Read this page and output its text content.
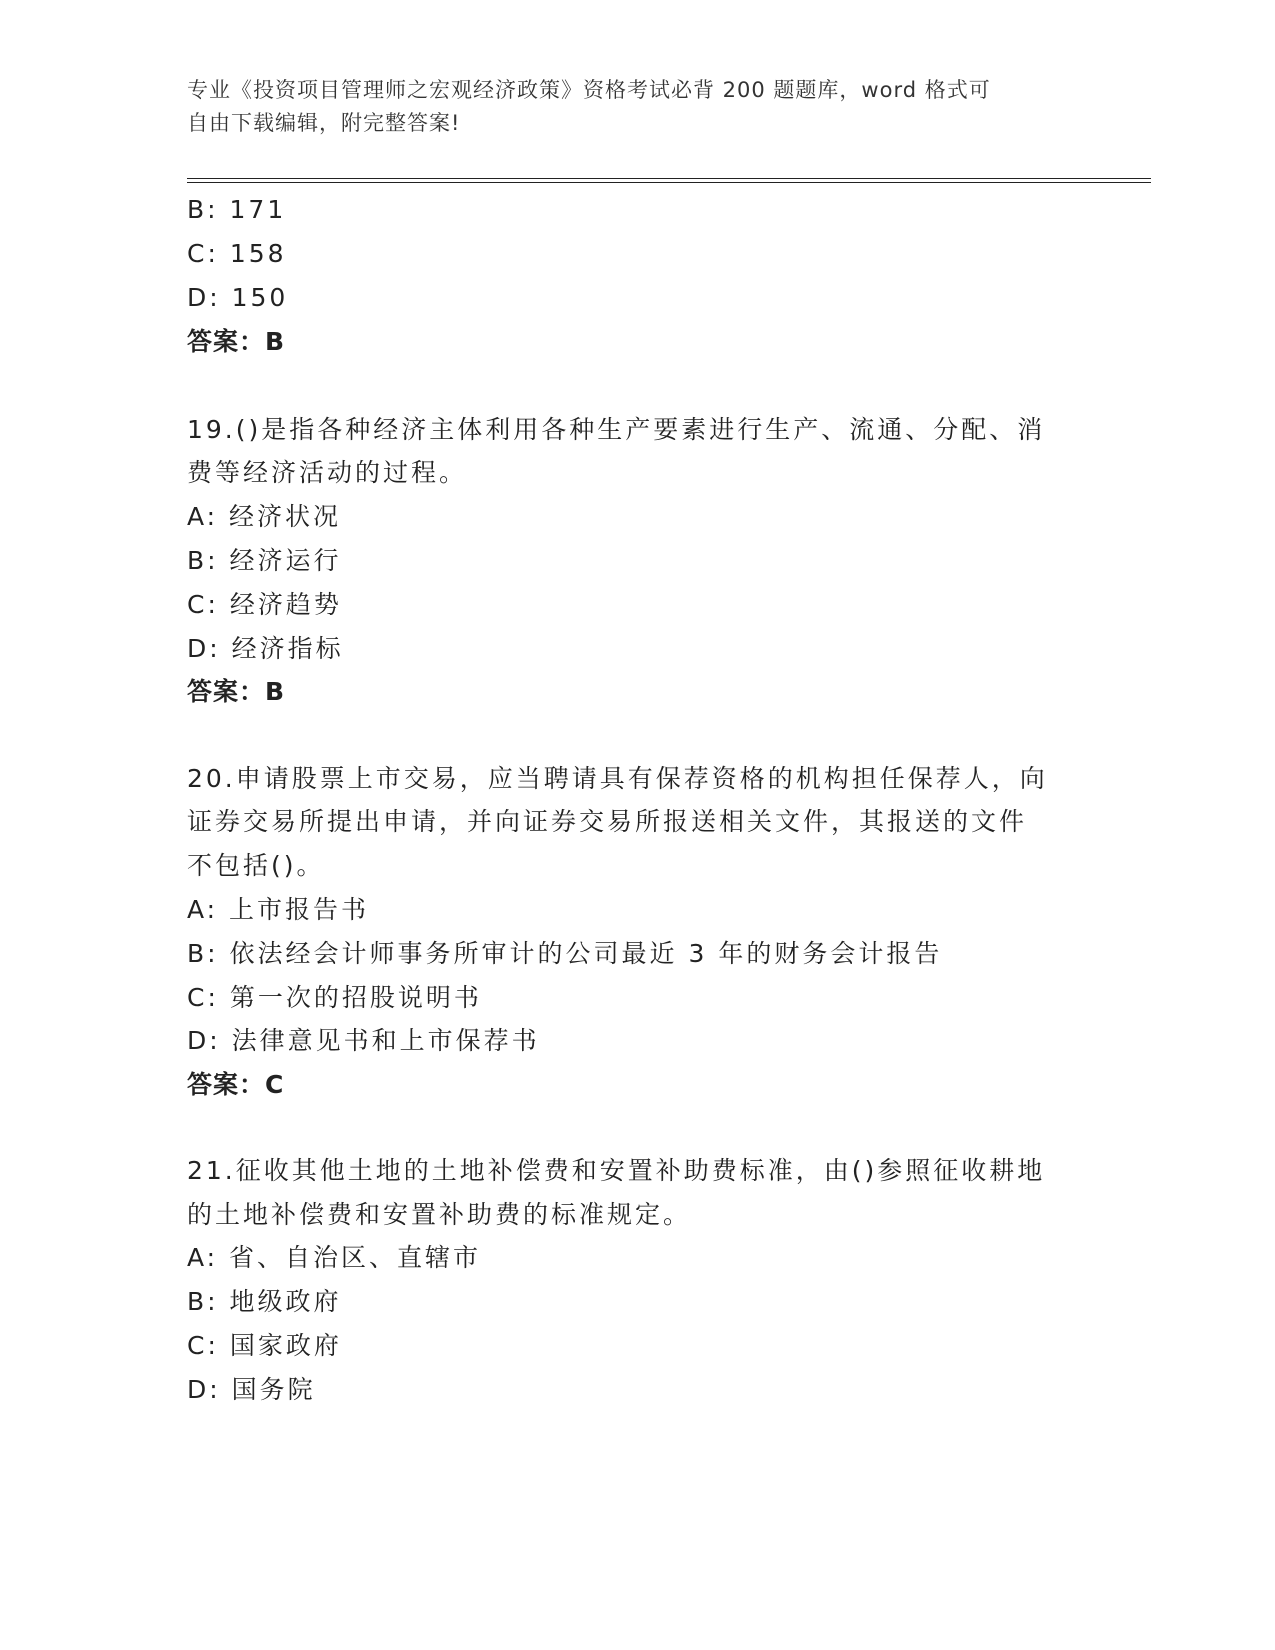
专业《投资项目管理师之宏观经济政策》资格考试必背 200 题题库，word 格式可
自由下载编辑，附完整答案!
B: 171
C: 158
D: 150
答案：B
19.()是指各种经济主体利用各种生产要素进行生产、流通、分配、消
费等经济活动的过程。
A: 经济状况
B: 经济运行
C: 经济趋势
D: 经济指标
答案：B
20.申请股票上市交易，应当聘请具有保荐资格的机构担任保荐人，向
证券交易所提出申请，并向证券交易所报送相关文件，其报送的文件
不包括()。
A: 上市报告书
B: 依法经会计师事务所审计的公司最近 3 年的财务会计报告
C: 第一次的招股说明书
D: 法律意见书和上市保荐书
答案：C
21.征收其他土地的土地补偿费和安置补助费标准，由()参照征收耕地
的土地补偿费和安置补助费的标准规定。
A: 省、自治区、直辖市
B: 地级政府
C: 国家政府
D: 国务院
